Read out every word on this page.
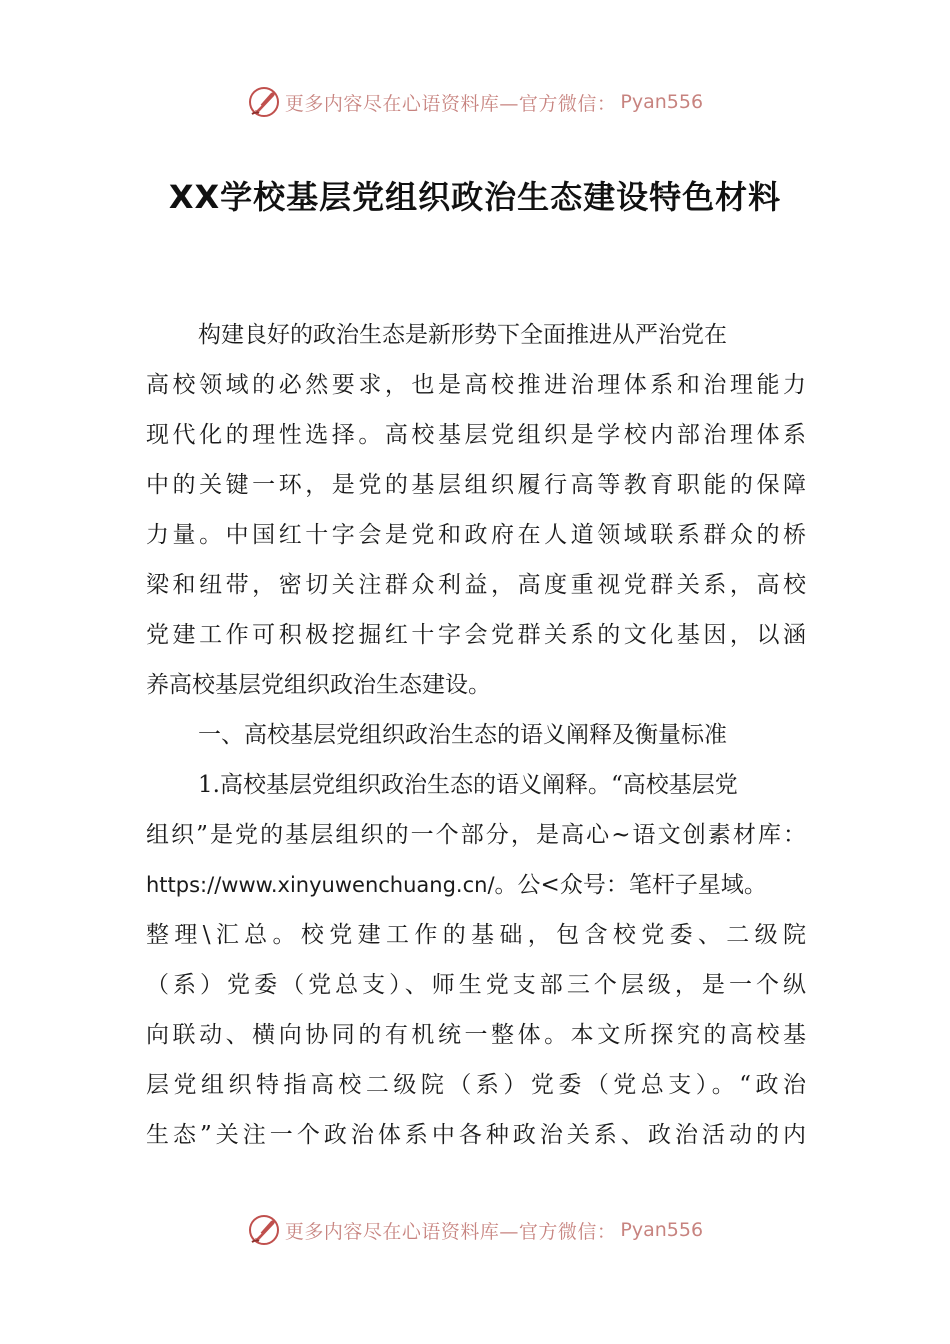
更多内容尽在心语资料库—官方微信： Pyan556
XX学校基层党组织政治生态建设特色材料
构建良好的政治生态是新形势下全面推进从严治党在
高校领域的必然要求，也是高校推进治理体系和治理能力
现代化的理性选择。高校基层党组织是学校内部治理体系
中的关键一环，是党的基层组织履行高等教育职能的保障
力量。中国红十字会是党和政府在人道领域联系群众的桥
梁和纽带，密切关注群众利益，高度重视党群关系，高校
党建工作可积极挖掘红十字会党群关系的文化基因，以涵
养高校基层党组织政治生态建设。
一、高校基层党组织政治生态的语义阐释及衡量标准
1.高校基层党组织政治生态的语义阐释。“高校基层党
组织”是党的基层组织的一个部分，是高心~语文创素材库：
https://www.xinyuwenchuang.cn/。公<众号：笔杆子星域。
整理\汇总。校党建工作的基础，包含校党委、二级院
（系）党委（党总支）、师生党支部三个层级，是一个纵
向联动、横向协同的有机统一整体。本文所探究的高校基
层党组织特指高校二级院（系）党委（党总支）。“政治
生态”关注一个政治体系中各种政治关系、政治活动的内
更多内容尽在心语资料库—官方微信： Pyan556
